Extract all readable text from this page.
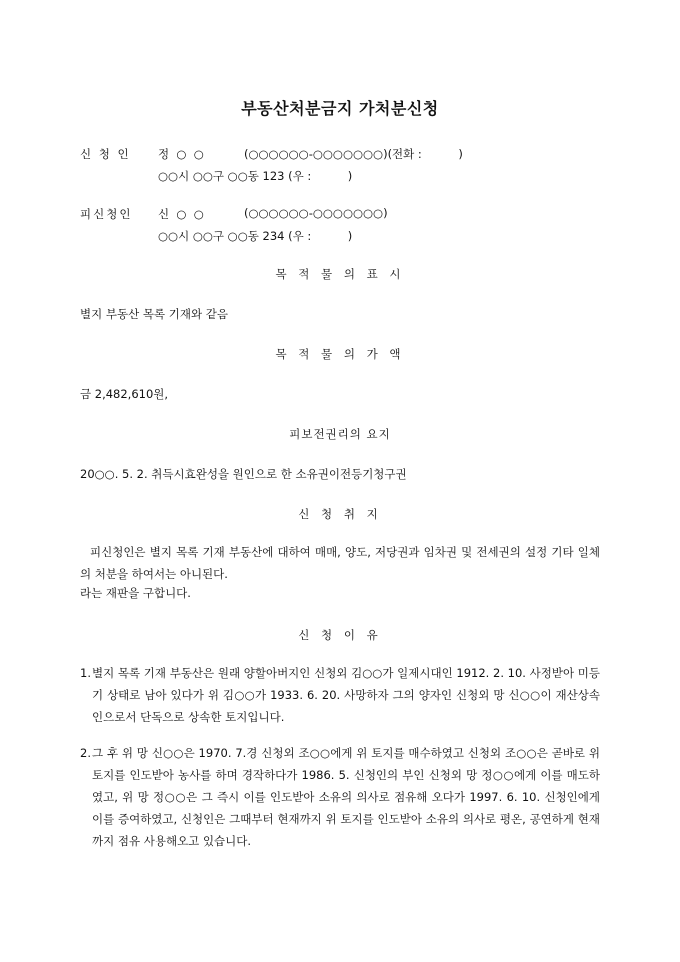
부동산처분금지 가처분신청
신 청 인 정  ○  ○	(○○○○○○-○○○○○○○)(전화 :          )
○○시 ○○구 ○○동 123 (우 :          )
피신청인 신  ○  ○	(○○○○○○-○○○○○○○)
○○시 ○○구 ○○동 234 (우 :          )
목 적 물 의 표 시
별지 부동산 목록 기재와 같음
목 적 물 의 가 액
금 2,482,610원,
피보전권리의 요지
20○○. 5. 2. 취득시효완성을 원인으로 한 소유권이전등기청구권
신 청 취 지
피신청인은 별지 목록 기재 부동산에 대하여 매매, 양도, 저당권과 임차권 및 전세권의 설정 기타 일체의 처분을 하여서는 아니된다.
라는 재판을 구합니다.
신 청 이 유
1. 별지 목록 기재 부동산은 원래 양할아버지인 신청외 김○○가 일제시대인 1912. 2. 10. 사정받아 미등기 상태로 남아 있다가 위 김○○가 1933. 6. 20. 사망하자 그의 양자인 신청외 망 신○○이 재산상속인으로서 단독으로 상속한 토지입니다.
2. 그 후 위 망 신○○은 1970. 7.경 신청외 조○○에게 위 토지를 매수하였고 신청외 조○○은 곧바로 위 토지를 인도받아 농사를 하며 경작하다가 1986. 5. 신청인의 부인 신청외 망 정○○에게 이를 매도하였고, 위 망 정○○은 그 즉시 이를 인도받아 소유의 의사로 점유해 오다가 1997. 6. 10. 신청인에게 이를 증여하였고, 신청인은 그때부터 현재까지 위 토지를 인도받아 소유의 의사로 평온, 공연하게 현재까지 점유 사용해오고 있습니다.
